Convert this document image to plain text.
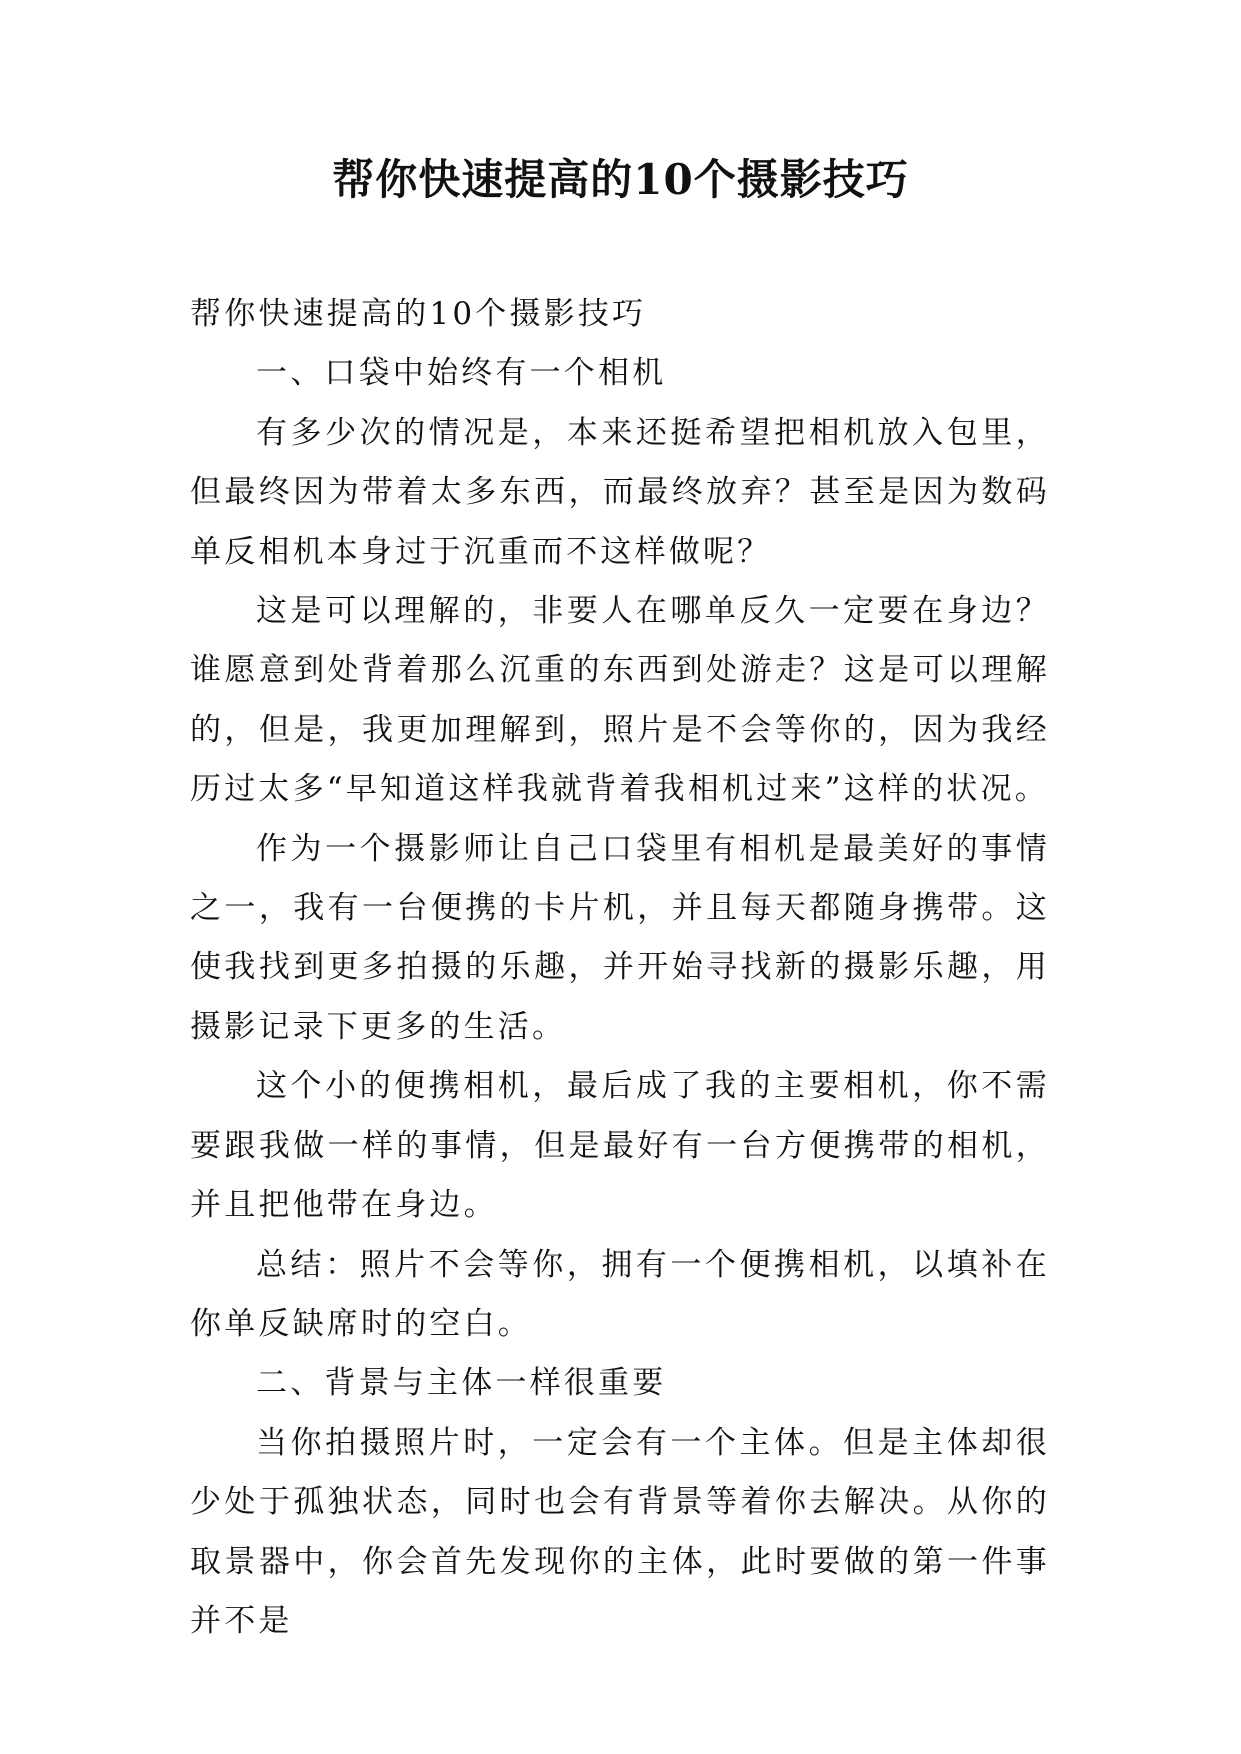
帮你快速提高的10个摄影技巧

帮你快速提高的10个摄影技巧

一、口袋中始终有一个相机

有多少次的情况是，本来还挺希望把相机放入包里，但最终因为带着太多东西，而最终放弃？甚至是因为数码单反相机本身过于沉重而不这样做呢？

这是可以理解的，非要人在哪单反久一定要在身边？谁愿意到处背着那么沉重的东西到处游走？这是可以理解的，但是，我更加理解到，照片是不会等你的，因为我经历过太多“早知道这样我就背着我相机过来”这样的状况。

作为一个摄影师让自己口袋里有相机是最美好的事情之一，我有一台便携的卡片机，并且每天都随身携带。这使我找到更多拍摄的乐趣，并开始寻找新的摄影乐趣，用摄影记录下更多的生活。

这个小的便携相机，最后成了我的主要相机，你不需要跟我做一样的事情，但是最好有一台方便携带的相机，并且把他带在身边。

总结：照片不会等你，拥有一个便携相机，以填补在你单反缺席时的空白。

二、背景与主体一样很重要

当你拍摄照片时，一定会有一个主体。但是主体却很少处于孤独状态，同时也会有背景等着你去解决。从你的取景器中，你会首先发现你的主体，此时要做的第一件事并不是
